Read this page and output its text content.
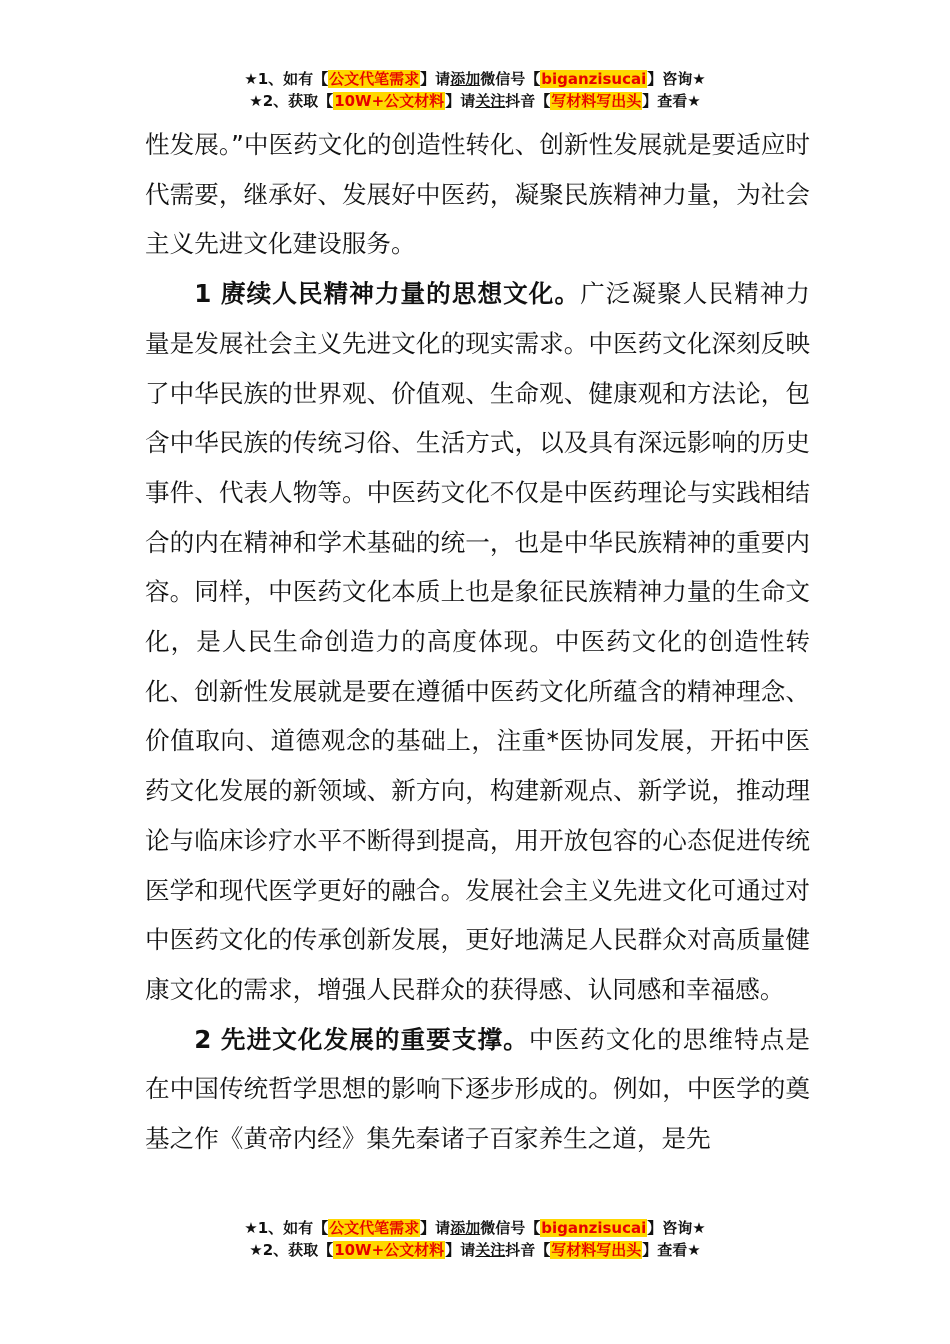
★1、如有【公文代笔需求】请添加微信号【biganzisucai】咨询★
★2、获取【10W+公文材料】请关注抖音【写材料写出头】查看★

性发展。”中医药文化的创造性转化、创新性发展就是要适应时代需要，继承好、发展好中医药，凝聚民族精神力量，为社会主义先进文化建设服务。

1 赓续人民精神力量的思想文化。广泛凝聚人民精神力量是发展社会主义先进文化的现实需求。中医药文化深刻反映了中华民族的世界观、价值观、生命观、健康观和方法论，包含中华民族的传统习俗、生活方式，以及具有深远影响的历史事件、代表人物等。中医药文化不仅是中医药理论与实践相结合的内在精神和学术基础的统一，也是中华民族精神的重要内容。同样，中医药文化本质上也是象征民族精神力量的生命文化，是人民生命创造力的高度体现。中医药文化的创造性转化、创新性发展就是要在遵循中医药文化所蕴含的精神理念、价值取向、道德观念的基础上，注重*医协同发展，开拓中医药文化发展的新领域、新方向，构建新观点、新学说，推动理论与临床诊疗水平不断得到提高，用开放包容的心态促进传统医学和现代医学更好的融合。发展社会主义先进文化可通过对中医药文化的传承创新发展，更好地满足人民群众对高质量健康文化的需求，增强人民群众的获得感、认同感和幸福感。

2 先进文化发展的重要支撑。中医药文化的思维特点是在中国传统哲学思想的影响下逐步形成的。例如，中医学的奠基之作《黄帝内经》集先秦诸子百家养生之道，是先

★1、如有【公文代笔需求】请添加微信号【biganzisucai】咨询★
★2、获取【10W+公文材料】请关注抖音【写材料写出头】查看★
